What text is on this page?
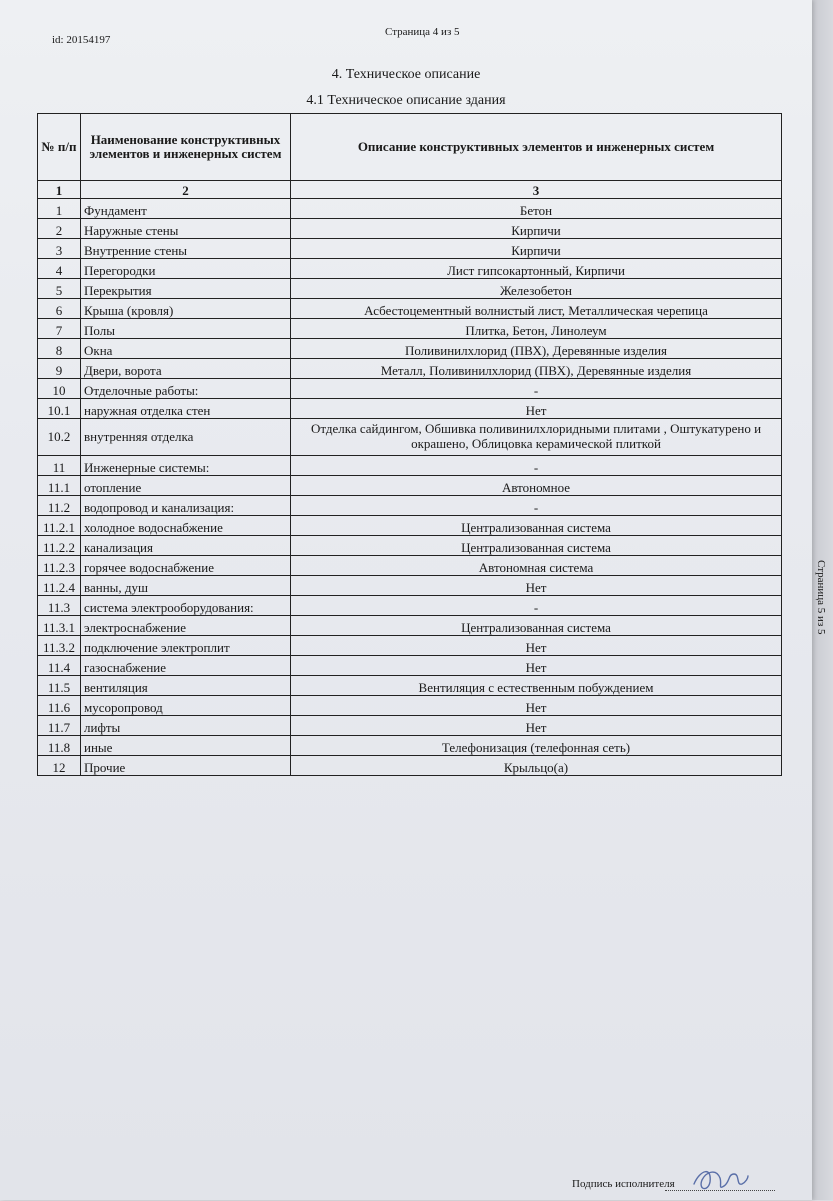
id: 20154197
Страница 4 из 5
4. Техническое описание
4.1 Техническое описание здания
№ п/п	Наименование конструктивных элементов и инженерных систем	Описание конструктивных элементов и инженерных систем
1	2	3
1	Фундамент	Бетон
2	Наружные стены	Кирпичи
3	Внутренние стены	Кирпичи
4	Перегородки	Лист гипсокартонный, Кирпичи
5	Перекрытия	Железобетон
6	Крыша (кровля)	Асбестоцементный волнистый лист, Металлическая черепица
7	Полы	Плитка, Бетон, Линолеум
8	Окна	Поливинилхлорид (ПВХ), Деревянные изделия
9	Двери, ворота	Металл, Поливинилхлорид (ПВХ), Деревянные изделия
10	Отделочные работы:	-
10.1	наружная отделка стен	Нет
10.2	внутренняя отделка	Отделка сайдингом, Обшивка поливинилхлоридными плитами , Оштукатурено и окрашено, Облицовка керамической плиткой

11	Инженерные системы:	-
11.1	отопление	Автономное
11.2	водопровод и канализация:	-
11.2.1	холодное водоснабжение	Централизованная система
11.2.2	канализация	Централизованная система
11.2.3	горячее водоснабжение	Автономная система
11.2.4	ванны, душ	Нет
11.3	система электрооборудования:	-
11.3.1	электроснабжение	Централизованная система
11.3.2	подключение электроплит	Нет
11.4	газоснабжение	Нет
11.5	вентиляция	Вентиляция с естественным побуждением
11.6	мусоропровод	Нет
11.7	лифты	Нет
11.8	иные	Телефонизация (телефонная сеть)
12	Прочие	Крыльцо(а)
Страница 5 из 5
Подпись исполнителя
